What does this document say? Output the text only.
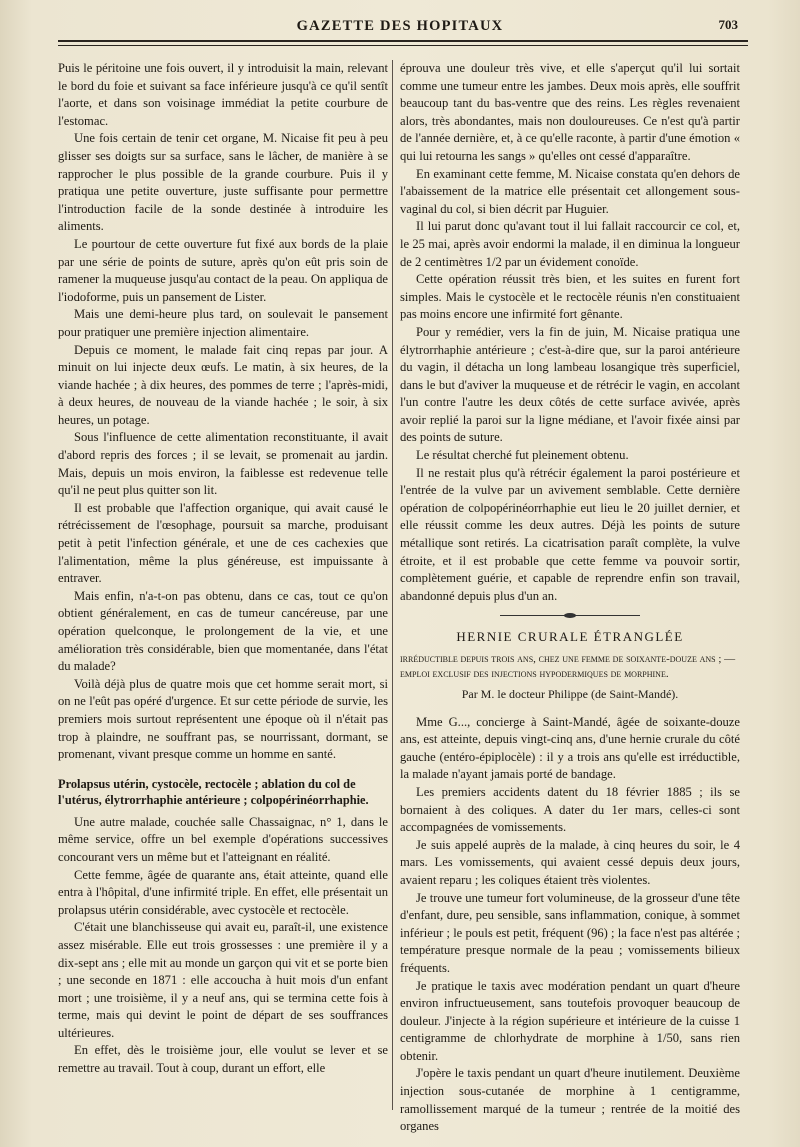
GAZETTE DES HOPITAUX	703

Puis le péritoine une fois ouvert, il y introduisit la main, relevant le bord du foie et suivant sa face inférieure jusqu'à ce qu'il sentît l'aorte, et dans son voisinage immédiat la petite courbure de l'estomac.

Une fois certain de tenir cet organe, M. Nicaise fit peu à peu glisser ses doigts sur sa surface, sans le lâcher, de manière à se rapprocher le plus possible de la grande courbure. Puis il y pratiqua une petite ouverture, juste suffisante pour permettre l'introduction facile de la sonde destinée à introduire les aliments.

Le pourtour de cette ouverture fut fixé aux bords de la plaie par une série de points de suture, après qu'on eût pris soin de ramener la muqueuse jusqu'au contact de la peau. On appliqua de l'iodoforme, puis un pansement de Lister.

Mais une demi-heure plus tard, on soulevait le pansement pour pratiquer une première injection alimentaire.

Depuis ce moment, le malade fait cinq repas par jour. A minuit on lui injecte deux œufs. Le matin, à six heures, de la viande hachée ; à dix heures, des pommes de terre ; l'après-midi, à deux heures, de nouveau de la viande hachée ; le soir, à six heures, un potage.

Sous l'influence de cette alimentation reconstituante, il avait d'abord repris des forces ; il se levait, se promenait au jardin. Mais, depuis un mois environ, la faiblesse est redevenue telle qu'il ne peut plus quitter son lit.

Il est probable que l'affection organique, qui avait causé le rétrécissement de l'œsophage, poursuit sa marche, produisant petit à petit l'infection générale, et une de ces cachexies que l'alimentation, même la plus généreuse, est impuissante à entraver.

Mais enfin, n'a-t-on pas obtenu, dans ce cas, tout ce qu'on obtient généralement, en cas de tumeur cancéreuse, par une opération quelconque, le prolongement de la vie, et une amélioration très considérable, bien que momentanée, dans l'état du malade?

Voilà déjà plus de quatre mois que cet homme serait mort, si on ne l'eût pas opéré d'urgence. Et sur cette période de survie, les premiers mois surtout représentent une époque où il n'était pas trop à plaindre, ne souffrant pas, se nourrissant, dormant, se promenant, vivant presque comme un homme en santé.

Prolapsus utérin, cystocèle, rectocèle ; ablation du col de l'utérus, élytrorrhaphie antérieure ; colpopérinéorrhaphie.

Une autre malade, couchée salle Chassaignac, n° 1, dans le même service, offre un bel exemple d'opérations successives concourant vers un même but et l'atteignant en réalité.

Cette femme, âgée de quarante ans, était atteinte, quand elle entra à l'hôpital, d'une infirmité triple. En effet, elle présentait un prolapsus utérin considérable, avec cystocèle et rectocèle.

C'était une blanchisseuse qui avait eu, paraît-il, une existence assez misérable. Elle eut trois grossesses : une première il y a dix-sept ans ; elle mit au monde un garçon qui vit et se porte bien ; une seconde en 1871 : elle accoucha à huit mois d'un enfant mort ; une troisième, il y a neuf ans, qui se termina cette fois à terme, mais qui devint le point de départ de ses souffrances ultérieures.

En effet, dès le troisième jour, elle voulut se lever et se remettre au travail. Tout à coup, durant un effort, elle

éprouva une douleur très vive, et elle s'aperçut qu'il lui sortait comme une tumeur entre les jambes. Deux mois après, elle souffrit beaucoup tant du bas-ventre que des reins. Les règles revenaient alors, très abondantes, mais non douloureuses. Ce n'est qu'à partir de l'année dernière, et, à ce qu'elle raconte, à partir d'une émotion « qui lui retourna les sangs » qu'elles ont cessé d'apparaître.

En examinant cette femme, M. Nicaise constata qu'en dehors de l'abaissement de la matrice elle présentait cet allongement sous-vaginal du col, si bien décrit par Huguier.

Il lui parut donc qu'avant tout il lui fallait raccourcir ce col, et, le 25 mai, après avoir endormi la malade, il en diminua la longueur de 2 centimètres 1/2 par un évidement conoïde.

Cette opération réussit très bien, et les suites en furent fort simples. Mais le cystocèle et le rectocèle réunis n'en constituaient pas moins encore une infirmité fort gênante.

Pour y remédier, vers la fin de juin, M. Nicaise pratiqua une élytrorrhaphie antérieure ; c'est-à-dire que, sur la paroi antérieure du vagin, il détacha un long lambeau losangique très superficiel, dans le but d'aviver la muqueuse et de rétrécir le vagin, en accolant l'un contre l'autre les deux côtés de cette surface avivée, après avoir replié la paroi sur la ligne médiane, et l'avoir fixée ainsi par des points de suture.

Le résultat cherché fut pleinement obtenu.

Il ne restait plus qu'à rétrécir également la paroi postérieure et l'entrée de la vulve par un avivement semblable. Cette dernière opération de colpopérinéorrhaphie eut lieu le 20 juillet dernier, et elle réussit comme les deux autres. Déjà les points de suture métallique sont retirés. La cicatrisation paraît complète, la vulve étroite, et il est probable que cette femme va pouvoir sortir, complètement guérie, et capable de reprendre enfin son travail, abandonné depuis plus d'un an.

HERNIE CRURALE ÉTRANGLÉE
irréductible depuis trois ans, chez une femme de soixante-douze ans ; — emploi exclusif des injections hypodermiques de morphine.
Par M. le docteur Philippe (de Saint-Mandé).

Mme G..., concierge à Saint-Mandé, âgée de soixante-douze ans, est atteinte, depuis vingt-cinq ans, d'une hernie crurale du côté gauche (entéro-épiplocèle) : il y a trois ans qu'elle est irréductible, la malade n'ayant jamais porté de bandage.

Les premiers accidents datent du 18 février 1885 ; ils se bornaient à des coliques. A dater du 1er mars, celles-ci sont accompagnées de vomissements.

Je suis appelé auprès de la malade, à cinq heures du soir, le 4 mars. Les vomissements, qui avaient cessé depuis deux jours, avaient reparu ; les coliques étaient très violentes.

Je trouve une tumeur fort volumineuse, de la grosseur d'une tête d'enfant, dure, peu sensible, sans inflammation, conique, à sommet inférieur ; le pouls est petit, fréquent (96) ; la face n'est pas altérée ; température presque normale de la peau ; vomissements bilieux fréquents.

Je pratique le taxis avec modération pendant un quart d'heure environ infructueusement, sans toutefois provoquer beaucoup de douleur. J'injecte à la région supérieure et intérieure de la cuisse 1 centigramme de chlorhydrate de morphine à 1/50, sans rien obtenir.

J'opère le taxis pendant un quart d'heure inutilement. Deuxième injection sous-cutanée de morphine à 1 centigramme, ramollissement marqué de la tumeur ; rentrée de la moitié des organes
